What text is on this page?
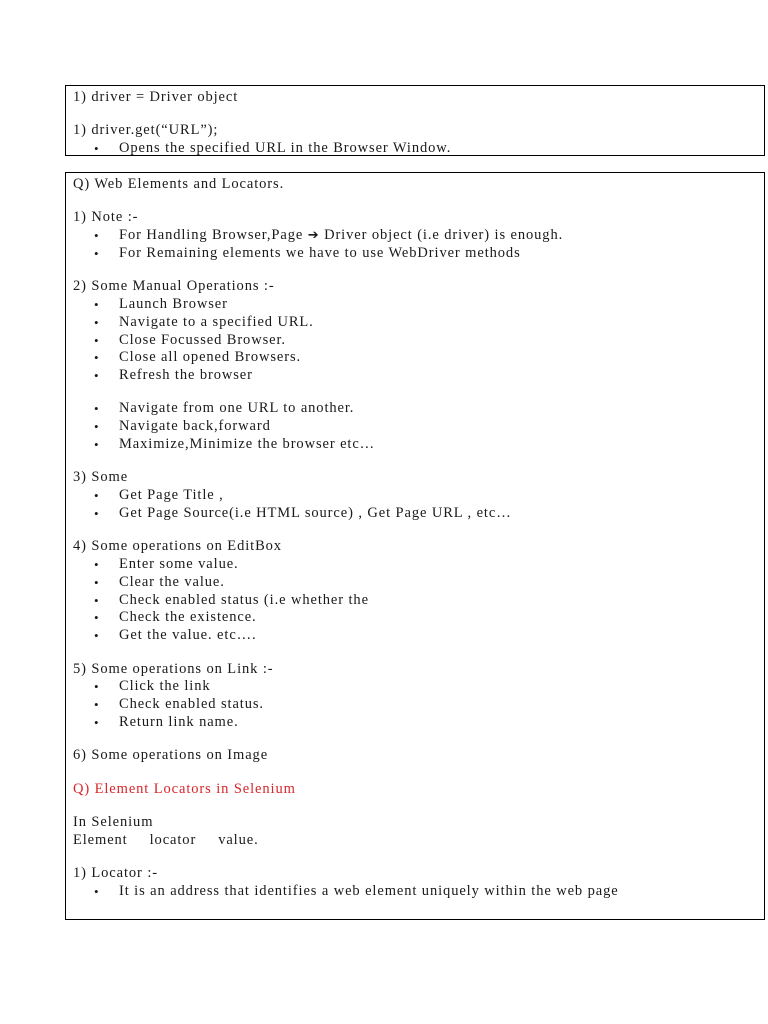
1) driver = Driver object
1) driver.get(“URL”);
• Opens the specified URL in the Browser Window.
Q) Web Elements and Locators.
1) Note :-
• For Handling Browser,Page ➔ Driver object (i.e driver) is enough.
• For Remaining elements we have to use WebDriver methods
2) Some Manual Operations :-
• Launch Browser
• Navigate to a specified URL.
• Close Focussed Browser.
• Close all opened Browsers.
• Refresh the browser
• Navigate from one URL to another.
• Navigate back,forward
• Maximize,Minimize the browser etc…
3) Some
• Get Page Title ,
• Get Page Source(i.e HTML source) , Get Page URL , etc…
4) Some operations on EditBox
• Enter some value.
• Clear the value.
• Check enabled status (i.e whether the
• Check the existence.
• Get the value. etc….
5) Some operations on Link :-
• Click the link
• Check enabled status.
• Return link name.
6) Some operations on Image
Q) Element Locators in Selenium
In Selenium
Element locator value.
1) Locator :-
• It is an address that identifies a web element uniquely within the web page
